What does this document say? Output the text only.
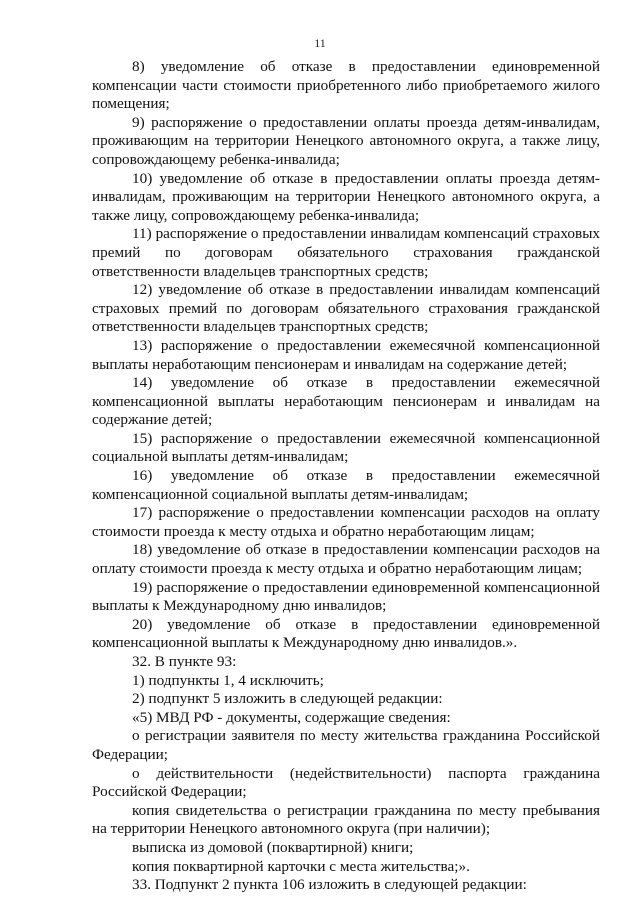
11

8) уведомление об отказе в предоставлении единовременной компенсации части стоимости приобретенного либо приобретаемого жилого помещения;

9) распоряжение о предоставлении оплаты проезда детям-инвалидам, проживающим на территории Ненецкого автономного округа, а также лицу, сопровождающему ребенка-инвалида;

10) уведомление об отказе в предоставлении оплаты проезда детям-инвалидам, проживающим на территории Ненецкого автономного округа, а также лицу, сопровождающему ребенка-инвалида;

11) распоряжение о предоставлении инвалидам компенсаций страховых премий по договорам обязательного страхования гражданской ответственности владельцев транспортных средств;

12) уведомление об отказе в предоставлении инвалидам компенсаций страховых премий по договорам обязательного страхования гражданской ответственности владельцев транспортных средств;

13) распоряжение о предоставлении ежемесячной компенсационной выплаты неработающим пенсионерам и инвалидам на содержание детей;

14) уведомление об отказе в предоставлении ежемесячной компенсационной выплаты неработающим пенсионерам и инвалидам на содержание детей;

15) распоряжение о предоставлении ежемесячной компенсационной социальной выплаты детям-инвалидам;

16) уведомление об отказе в предоставлении ежемесячной компенсационной социальной выплаты детям-инвалидам;

17) распоряжение о предоставлении компенсации расходов на оплату стоимости проезда к месту отдыха и обратно неработающим лицам;

18) уведомление об отказе в предоставлении компенсации расходов на оплату стоимости проезда к месту отдыха и обратно неработающим лицам;

19) распоряжение о предоставлении единовременной компенсационной выплаты к Международному дню инвалидов;

20) уведомление об отказе в предоставлении единовременной компенсационной выплаты к Международному дню инвалидов.».

32. В пункте 93:

1) подпункты 1, 4 исключить;

2) подпункт 5 изложить в следующей редакции:

«5) МВД РФ - документы, содержащие сведения:

о регистрации заявителя по месту жительства гражданина Российской Федерации;

о действительности (недействительности) паспорта гражданина Российской Федерации;

копия свидетельства о регистрации гражданина по месту пребывания на территории Ненецкого автономного округа (при наличии);

выписка из домовой (поквартирной) книги;

копия поквартирной карточки с места жительства;».

33. Подпункт 2 пункта 106 изложить в следующей редакции:
